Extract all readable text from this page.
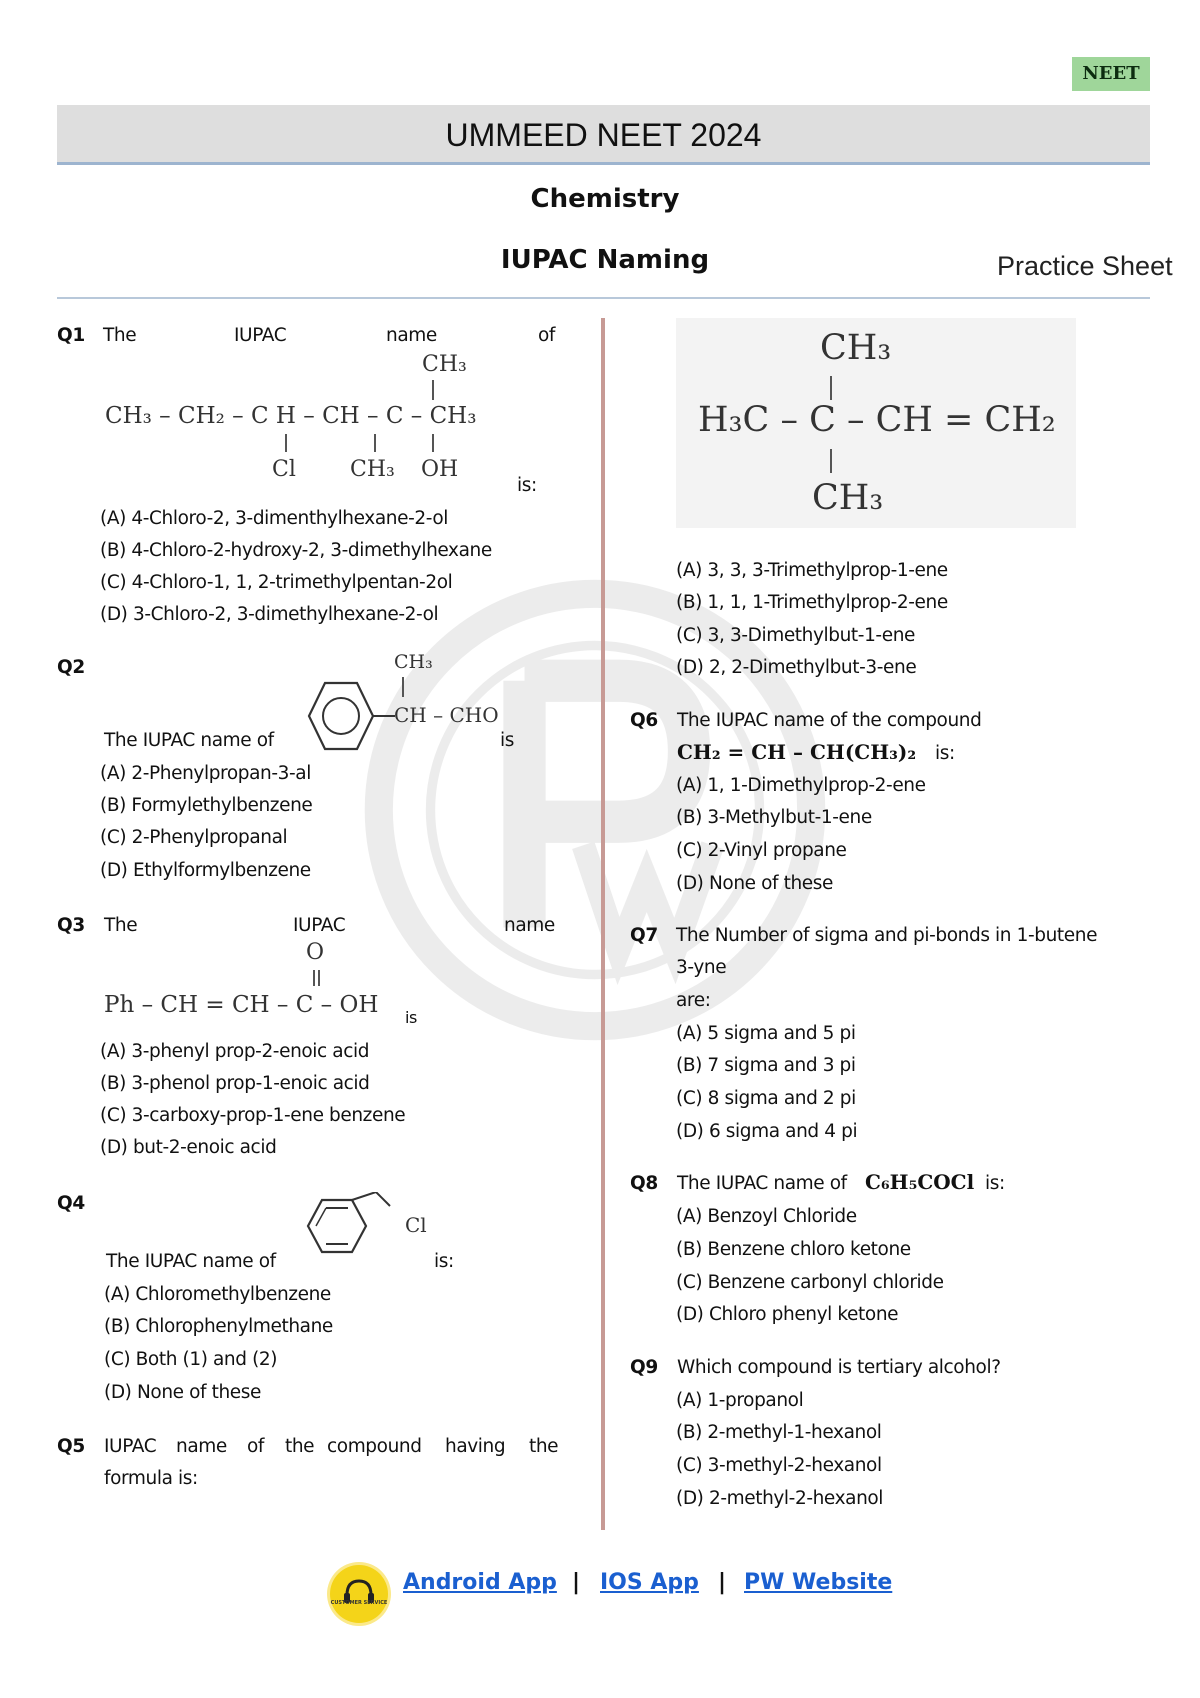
NEET
UMMEED NEET 2024
Chemistry
IUPAC Naming	Practice Sheet
Q1 The	IUPAC	name	of
CH₃
CH₃ – CH₂ – C H – CH – C – CH₃
Cl CH₃ OH
is:
(A) 4-Chloro-2, 3-dimenthylhexane-2-ol
(B) 4-Chloro-2-hydroxy-2, 3-dimethylhexane
(C) 4-Chloro-1, 1, 2-trimethylpentan-2ol
(D) 3-Chloro-2, 3-dimethylhexane-2-ol
Q2	CH₃
CH – CHO
The IUPAC name of	is
(A) 2-Phenylpropan-3-al
(B) Formylethylbenzene
(C) 2-Phenylpropanal
(D) Ethylformylbenzene
Q3 The	IUPAC	name
O
Ph – CH = CH – C – OH is
(A) 3-phenyl prop-2-enoic acid
(B) 3-phenol prop-1-enoic acid
(C) 3-carboxy-prop-1-ene benzene
(D) but-2-enoic acid
Q4
Cl
The IUPAC name of	is:
(A) Chloromethylbenzene
(B) Chlorophenylmethane
(C) Both (1) and (2)
(D) None of these
Q5 IUPAC name of the compound having the
formula is:
CH₃
H₃C – C – CH = CH₂
CH₃
(A) 3, 3, 3-Trimethylprop-1-ene
(B) 1, 1, 1-Trimethylprop-2-ene
(C) 3, 3-Dimethylbut-1-ene
(D) 2, 2-Dimethylbut-3-ene
Q6 The IUPAC name of the compound
CH₂ = CH – CH(CH₃)₂ is:
(A) 1, 1-Dimethylprop-2-ene
(B) 3-Methylbut-1-ene
(C) 2-Vinyl propane
(D) None of these
Q7 The Number of sigma and pi-bonds in 1-butene
3-yne
are:
(A) 5 sigma and 5 pi
(B) 7 sigma and 3 pi
(C) 8 sigma and 2 pi
(D) 6 sigma and 4 pi
Q8 The IUPAC name of C₆H₅COCl is:
(A) Benzoyl Chloride
(B) Benzene chloro ketone
(C) Benzene carbonyl chloride
(D) Chloro phenyl ketone
Q9 Which compound is tertiary alcohol?
(A) 1-propanol
(B) 2-methyl-1-hexanol
(C) 3-methyl-2-hexanol
(D) 2-methyl-2-hexanol
CUSTOMER SERVICE
Android App | IOS App | PW Website
